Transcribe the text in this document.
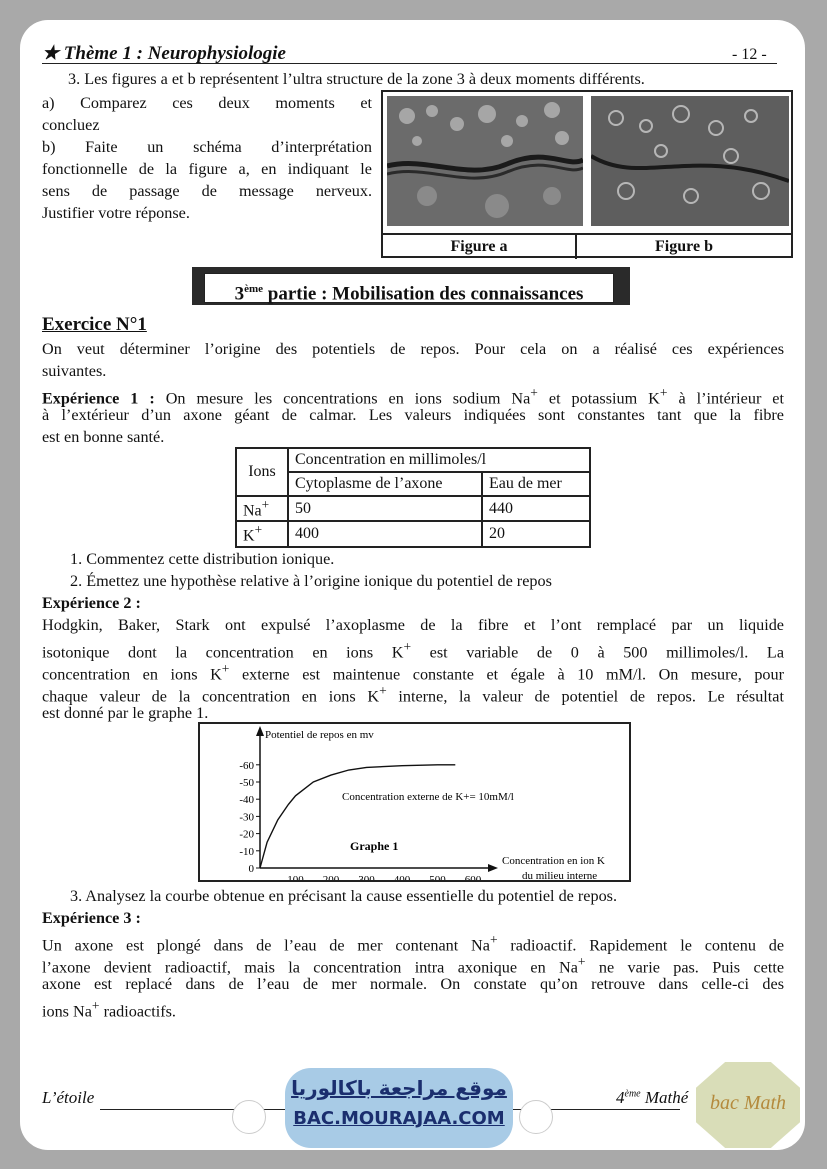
★ Thème 1 : Neurophysiologie	- 12 -
3. Les figures a et b représentent l’ultra structure de la zone 3 à deux moments différents.
a) Comparez ces deux moments et
concluez
b) Faite un schéma d’interprétation
fonctionnelle de la figure a, en indiquant le
sens de passage de message nerveux.
Justifier votre réponse.
Figure a	Figure b
3ème partie : Mobilisation des connaissances
Exercice N°1
On veut déterminer l’origine des potentiels de repos. Pour cela on a réalisé ces expériences
suivantes.
Expérience 1 : On mesure les concentrations en ions sodium Na+ et potassium K+ à l’intérieur et
à l’extérieur d’un axone géant de calmar. Les valeurs indiquées sont constantes tant que la fibre
est en bonne santé.
Ions	Concentration en millimoles/l	
	Cytoplasme de l’axone	Eau de mer
Na+	50	440
K+	400	20
1. Commentez cette distribution ionique.
2. Émettez une hypothèse relative à l’origine ionique du potentiel de repos
Expérience 2 :
Hodgkin, Baker, Stark ont expulsé l’axoplasme de la fibre et l’ont remplacé par un liquide
isotonique dont la concentration en ions K+ est variable de 0 à 500 millimoles/l. La
concentration en ions K+ externe est maintenue constante et égale à 10 mM/l. On mesure, pour
chaque valeur de la concentration en ions K+ interne, la valeur de potentiel de repos. Le résultat
est donné par le graphe 1.
Potentiel de repos en mv
Concentration externe de K+= 10mM/l
Graphe 1
Concentration en ion K
du milieu interne
-60
-50
-40
-30
-20
-10
0
100 200 300 400 500 600
3. Analysez la courbe obtenue en précisant la cause essentielle du potentiel de repos.
Expérience 3 :
Un axone est plongé dans de l’eau de mer contenant Na+ radioactif. Rapidement le contenu de
l’axone devient radioactif, mais la concentration intra axonique en Na+ ne varie pas. Puis cette
axone est replacé dans de l’eau de mer normale. On constate qu’on retrouve dans celle-ci des
ions Na+ radioactifs.
L’étoile	4ème Mathé
موقع مراجعة باكالوريا
BAC.MOURAJAA.COM
bac Math
